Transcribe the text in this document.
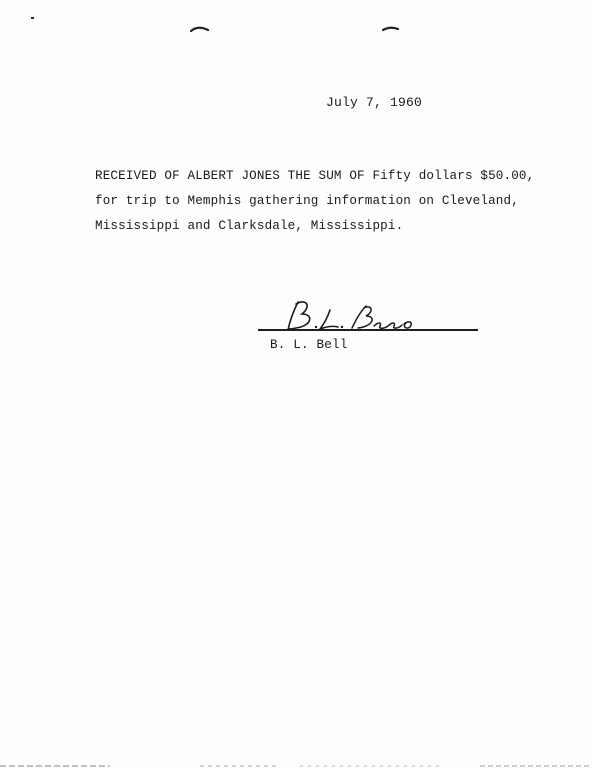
July 7, 1960
RECEIVED OF ALBERT JONES THE SUM OF Fifty dollars $50.00,
for trip to Memphis gathering information on Cleveland,
Mississippi and Clarksdale, Mississippi.
B. L. Bell
